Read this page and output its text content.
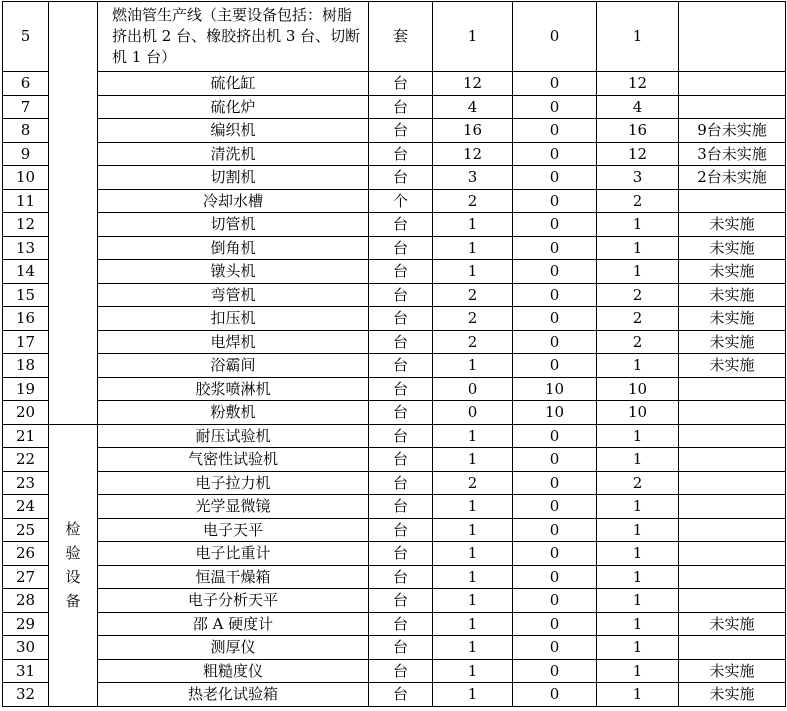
5		燃油管生产线（主要设备包括：树脂挤出机 2 台、橡胶挤出机 3 台、切断机 1 台）	套	1	0	1	
6		硫化缸	台	12	0	12	
7		硫化炉	台	4	0	4	
8		编织机	台	16	0	16	9台未实施
9		清洗机	台	12	0	12	3台未实施
10		切割机	台	3	0	3	2台未实施
11		冷却水槽	个	2	0	2	
12		切管机	台	1	0	1	未实施
13		倒角机	台	1	0	1	未实施
14		镦头机	台	1	0	1	未实施
15		弯管机	台	2	0	2	未实施
16		扣压机	台	2	0	2	未实施
17		电焊机	台	2	0	2	未实施
18		浴霸间	台	1	0	1	未实施
19		胶浆喷淋机	台	0	10	10	
20		粉敷机	台	0	10	10	
21	检验设备	耐压试验机	台	1	0	1	
22		气密性试验机	台	1	0	1	
23		电子拉力机	台	2	0	2	
24		光学显微镜	台	1	0	1	
25		电子天平	台	1	0	1	
26		电子比重计	台	1	0	1	
27		恒温干燥箱	台	1	0	1	
28		电子分析天平	台	1	0	1	
29		邵 A 硬度计	台	1	0	1	未实施
30		测厚仪	台	1	0	1	
31		粗糙度仪	台	1	0	1	未实施
32		热老化试验箱	台	1	0	1	未实施
